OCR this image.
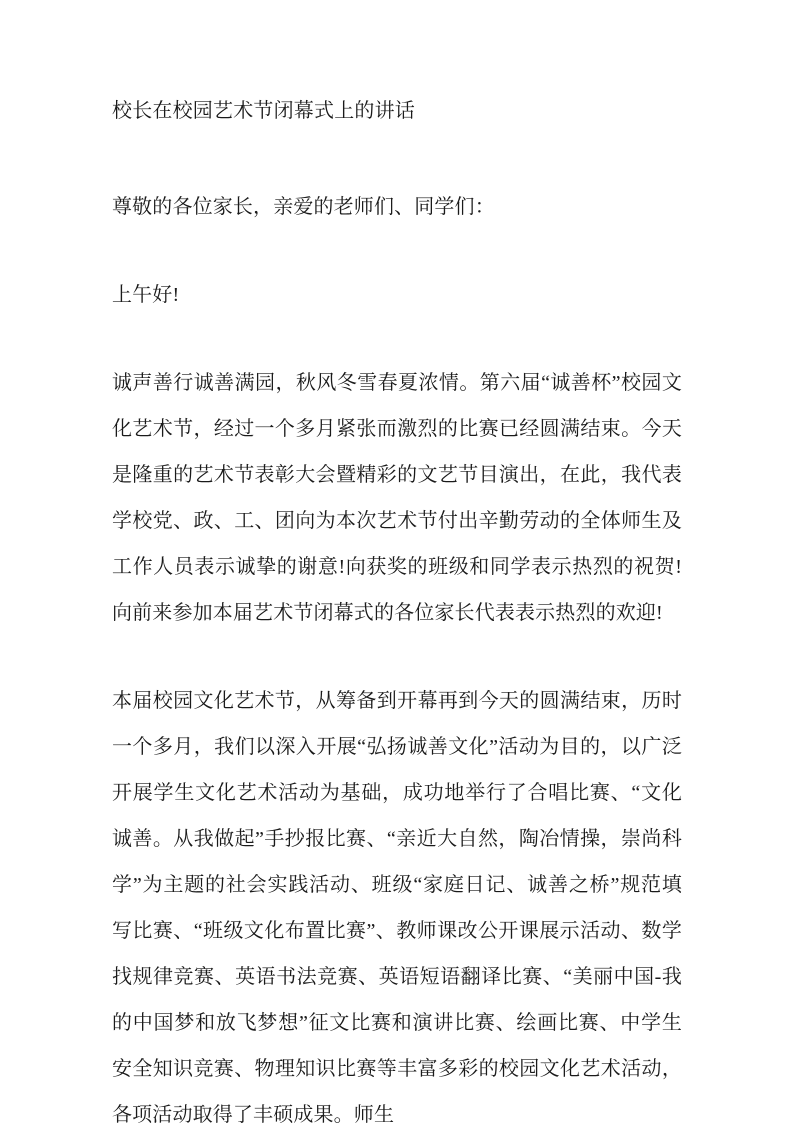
校长在校园艺术节闭幕式上的讲话

尊敬的各位家长，亲爱的老师们、同学们：

上午好!

诚声善行诚善满园，秋风冬雪春夏浓情。第六届“诚善杯”校园文化艺术节，经过一个多月紧张而激烈的比赛已经圆满结束。今天是隆重的艺术节表彰大会暨精彩的文艺节目演出，在此，我代表学校党、政、工、团向为本次艺术节付出辛勤劳动的全体师生及工作人员表示诚挚的谢意!向获奖的班级和同学表示热烈的祝贺!向前来参加本届艺术节闭幕式的各位家长代表表示热烈的欢迎!

本届校园文化艺术节，从筹备到开幕再到今天的圆满结束，历时一个多月，我们以深入开展“弘扬诚善文化”活动为目的，以广泛开展学生文化艺术活动为基础，成功地举行了合唱比赛、“文化诚善。从我做起”手抄报比赛、“亲近大自然，陶冶情操，崇尚科学”为主题的社会实践活动、班级“家庭日记、诚善之桥”规范填写比赛、“班级文化布置比赛”、教师课改公开课展示活动、数学找规律竞赛、英语书法竞赛、英语短语翻译比赛、“美丽中国-我的中国梦和放飞梦想”征文比赛和演讲比赛、绘画比赛、中学生安全知识竞赛、物理知识比赛等丰富多彩的校园文化艺术活动，各项活动取得了丰硕成果。师生
